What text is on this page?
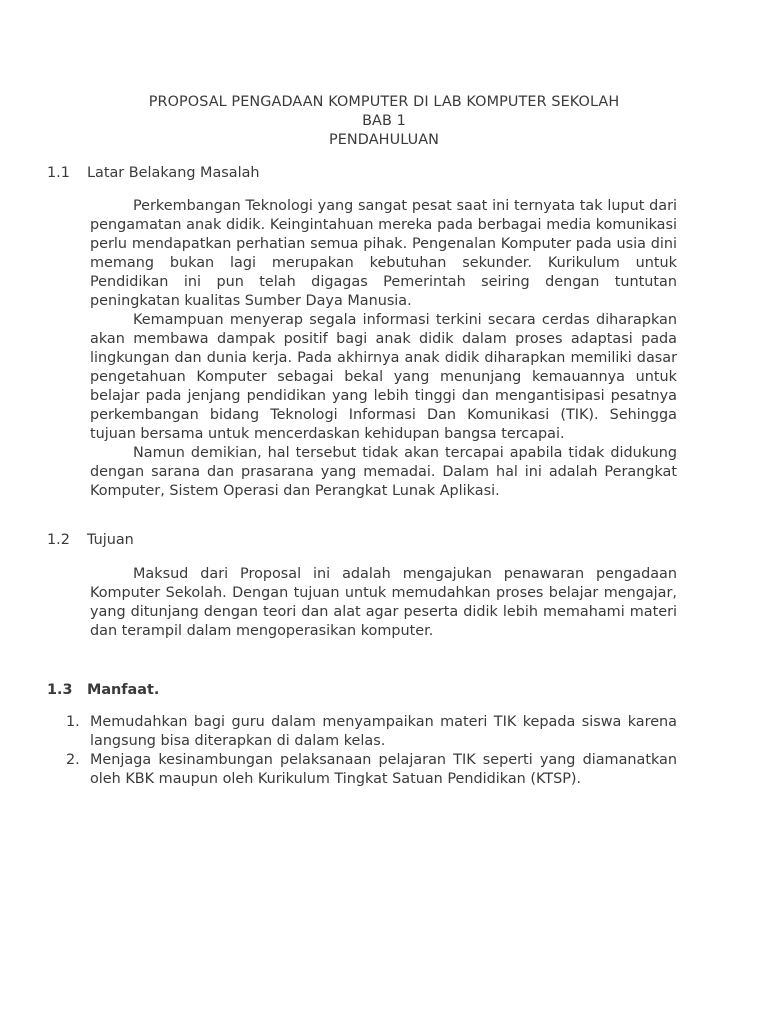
PROPOSAL PENGADAAN KOMPUTER DI LAB KOMPUTER SEKOLAH
BAB 1
PENDAHULUAN
1.1 Latar Belakang Masalah

Perkembangan Teknologi yang sangat pesat saat ini ternyata tak luput dari pengamatan anak didik. Keingintahuan mereka pada berbagai media komunikasi perlu mendapatkan perhatian semua pihak. Pengenalan Komputer pada usia dini memang bukan lagi merupakan kebutuhan sekunder. Kurikulum untuk Pendidikan ini pun telah digagas Pemerintah seiring dengan tuntutan peningkatan kualitas Sumber Daya Manusia.

Kemampuan menyerap segala informasi terkini secara cerdas diharapkan akan membawa dampak positif bagi anak didik dalam proses adaptasi pada lingkungan dan dunia kerja. Pada akhirnya anak didik diharapkan memiliki dasar pengetahuan Komputer sebagai bekal yang menunjang kemauannya untuk belajar pada jenjang pendidikan yang lebih tinggi dan mengantisipasi pesatnya perkembangan bidang Teknologi Informasi Dan Komunikasi (TIK). Sehingga tujuan bersama untuk mencerdaskan kehidupan bangsa tercapai.

Namun demikian, hal tersebut tidak akan tercapai apabila tidak didukung dengan sarana dan prasarana yang memadai. Dalam hal ini adalah Perangkat Komputer, Sistem Operasi dan Perangkat Lunak Aplikasi.

1.2 Tujuan

Maksud dari Proposal ini adalah mengajukan penawaran pengadaan Komputer Sekolah. Dengan tujuan untuk memudahkan proses belajar mengajar, yang ditunjang dengan teori dan alat agar peserta didik lebih memahami materi dan terampil dalam mengoperasikan komputer.

1.3 Manfaat.
1. Memudahkan bagi guru dalam menyampaikan materi TIK kepada siswa karena langsung bisa diterapkan di dalam kelas.
2. Menjaga kesinambungan pelaksanaan pelajaran TIK seperti yang diamanatkan oleh KBK maupun oleh Kurikulum Tingkat Satuan Pendidikan (KTSP).
